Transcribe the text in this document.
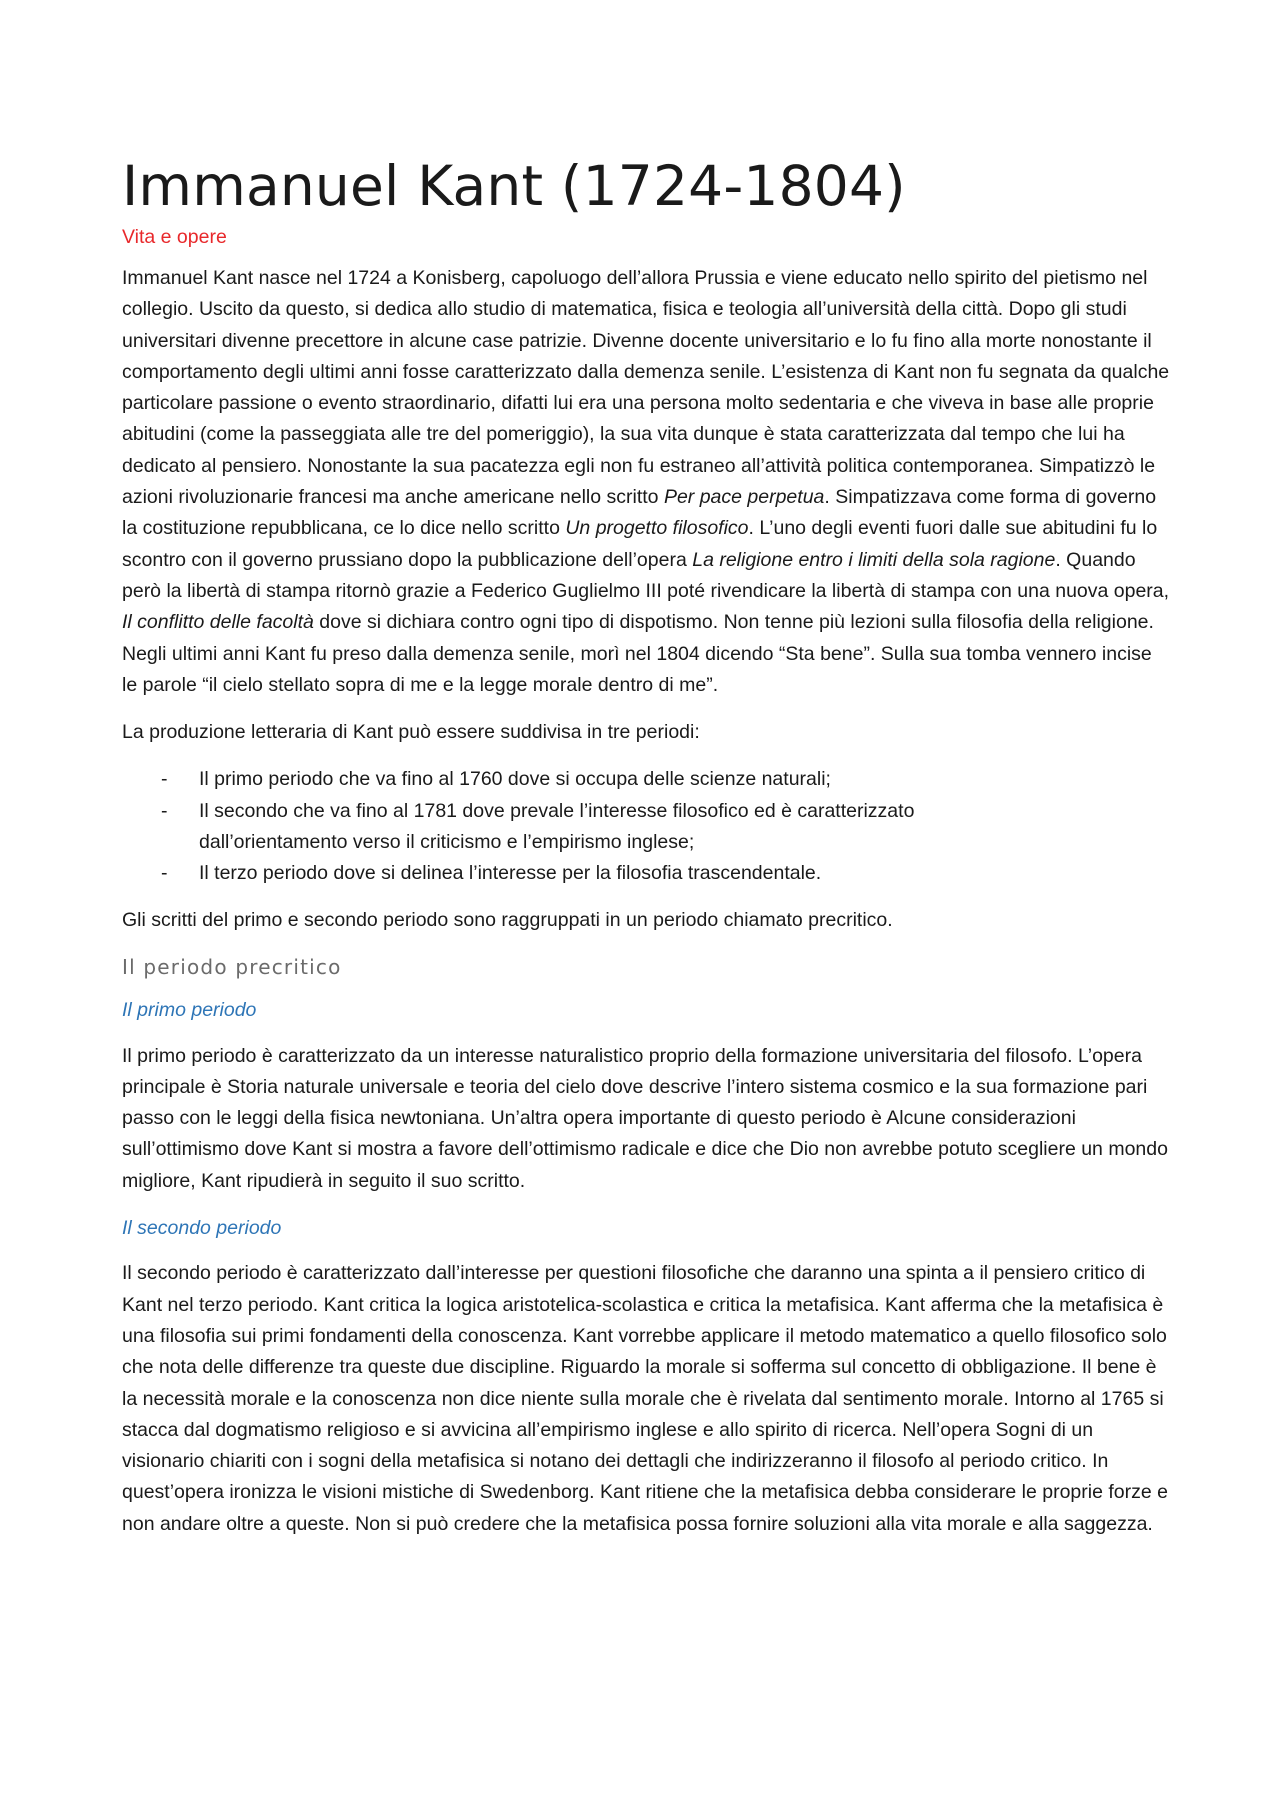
Immanuel Kant (1724-1804)
Vita e opere

Immanuel Kant nasce nel 1724 a Konisberg, capoluogo dell’allora Prussia e viene educato nello spirito del pietismo nel collegio. Uscito da questo, si dedica allo studio di matematica, fisica e teologia all’università della città. Dopo gli studi universitari divenne precettore in alcune case patrizie. Divenne docente universitario e lo fu fino alla morte nonostante il comportamento degli ultimi anni fosse caratterizzato dalla demenza senile. L’esistenza di Kant non fu segnata da qualche particolare passione o evento straordinario, difatti lui era una persona molto sedentaria e che viveva in base alle proprie abitudini (come la passeggiata alle tre del pomeriggio), la sua vita dunque è stata caratterizzata dal tempo che lui ha dedicato al pensiero. Nonostante la sua pacatezza egli non fu estraneo all’attività politica contemporanea. Simpatizzò le azioni rivoluzionarie francesi ma anche americane nello scritto Per pace perpetua. Simpatizzava come forma di governo la costituzione repubblicana, ce lo dice nello scritto Un progetto filosofico. L’uno degli eventi fuori dalle sue abitudini fu lo scontro con il governo prussiano dopo la pubblicazione dell’opera La religione entro i limiti della sola ragione. Quando però la libertà di stampa ritornò grazie a Federico Guglielmo III poté rivendicare la libertà di stampa con una nuova opera, Il conflitto delle facoltà dove si dichiara contro ogni tipo di dispotismo. Non tenne più lezioni sulla filosofia della religione. Negli ultimi anni Kant fu preso dalla demenza senile, morì nel 1804 dicendo “Sta bene”. Sulla sua tomba vennero incise le parole “il cielo stellato sopra di me e la legge morale dentro di me”.

La produzione letteraria di Kant può essere suddivisa in tre periodi:

- Il primo periodo che va fino al 1760 dove si occupa delle scienze naturali;
- Il secondo che va fino al 1781 dove prevale l’interesse filosofico ed è caratterizzato dall’orientamento verso il criticismo e l’empirismo inglese;
- Il terzo periodo dove si delinea l’interesse per la filosofia trascendentale.

Gli scritti del primo e secondo periodo sono raggruppati in un periodo chiamato precritico.

Il periodo precritico
Il primo periodo

Il primo periodo è caratterizzato da un interesse naturalistico proprio della formazione universitaria del filosofo. L’opera principale è Storia naturale universale e teoria del cielo dove descrive l’intero sistema cosmico e la sua formazione pari passo con le leggi della fisica newtoniana. Un’altra opera importante di questo periodo è Alcune considerazioni sull’ottimismo dove Kant si mostra a favore dell’ottimismo radicale e dice che Dio non avrebbe potuto scegliere un mondo migliore, Kant ripudierà in seguito il suo scritto.

Il secondo periodo

Il secondo periodo è caratterizzato dall’interesse per questioni filosofiche che daranno una spinta a il pensiero critico di Kant nel terzo periodo. Kant critica la logica aristotelica-scolastica e critica la metafisica. Kant afferma che la metafisica è una filosofia sui primi fondamenti della conoscenza. Kant vorrebbe applicare il metodo matematico a quello filosofico solo che nota delle differenze tra queste due discipline. Riguardo la morale si sofferma sul concetto di obbligazione. Il bene è la necessità morale e la conoscenza non dice niente sulla morale che è rivelata dal sentimento morale. Intorno al 1765 si stacca dal dogmatismo religioso e si avvicina all’empirismo inglese e allo spirito di ricerca. Nell’opera Sogni di un visionario chiariti con i sogni della metafisica si notano dei dettagli che indirizzeranno il filosofo al periodo critico. In quest’opera ironizza le visioni mistiche di Swedenborg. Kant ritiene che la metafisica debba considerare le proprie forze e non andare oltre a queste. Non si può credere che la metafisica possa fornire soluzioni alla vita morale e alla saggezza.
